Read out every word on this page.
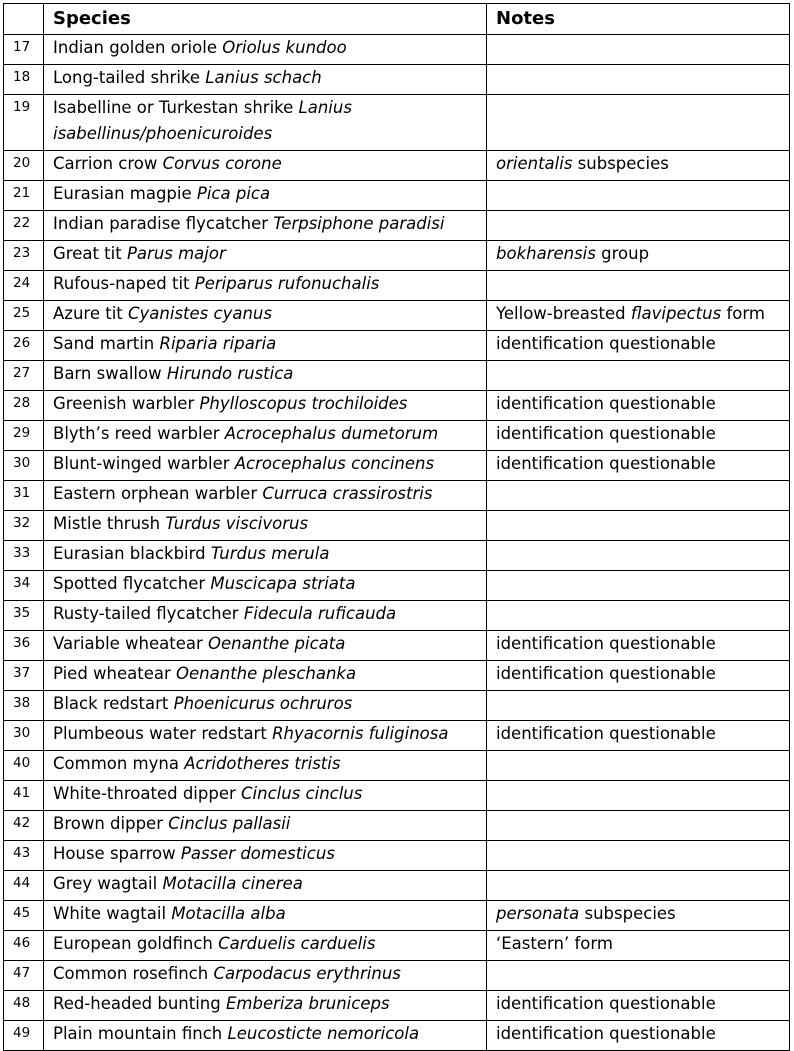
	Species	Notes
17	Indian golden oriole Oriolus kundoo	
18	Long-tailed shrike Lanius schach	
19	Isabelline or Turkestan shrike Lanius isabellinus/phoenicuroides	
20	Carrion crow Corvus corone	orientalis subspecies
21	Eurasian magpie Pica pica	
22	Indian paradise flycatcher Terpsiphone paradisi	
23	Great tit Parus major	bokharensis group
24	Rufous-naped tit Periparus rufonuchalis	
25	Azure tit Cyanistes cyanus	Yellow-breasted flavipectus form
26	Sand martin Riparia riparia	identification questionable
27	Barn swallow Hirundo rustica	
28	Greenish warbler Phylloscopus trochiloides	identification questionable
29	Blyth’s reed warbler Acrocephalus dumetorum	identification questionable
30	Blunt-winged warbler Acrocephalus concinens	identification questionable
31	Eastern orphean warbler Curruca crassirostris	
32	Mistle thrush Turdus viscivorus	
33	Eurasian blackbird Turdus merula	
34	Spotted flycatcher Muscicapa striata	
35	Rusty-tailed flycatcher Fidecula ruficauda	
36	Variable wheatear Oenanthe picata	identification questionable
37	Pied wheatear Oenanthe pleschanka	identification questionable
38	Black redstart Phoenicurus ochruros	
30	Plumbeous water redstart Rhyacornis fuliginosa	identification questionable
40	Common myna Acridotheres tristis	
41	White-throated dipper Cinclus cinclus	
42	Brown dipper Cinclus pallasii	
43	House sparrow Passer domesticus	
44	Grey wagtail Motacilla cinerea	
45	White wagtail Motacilla alba	personata subspecies
46	European goldfinch Carduelis carduelis	‘Eastern’ form
47	Common rosefinch Carpodacus erythrinus	
48	Red-headed bunting Emberiza bruniceps	identification questionable
49	Plain mountain finch Leucosticte nemoricola	identification questionable
